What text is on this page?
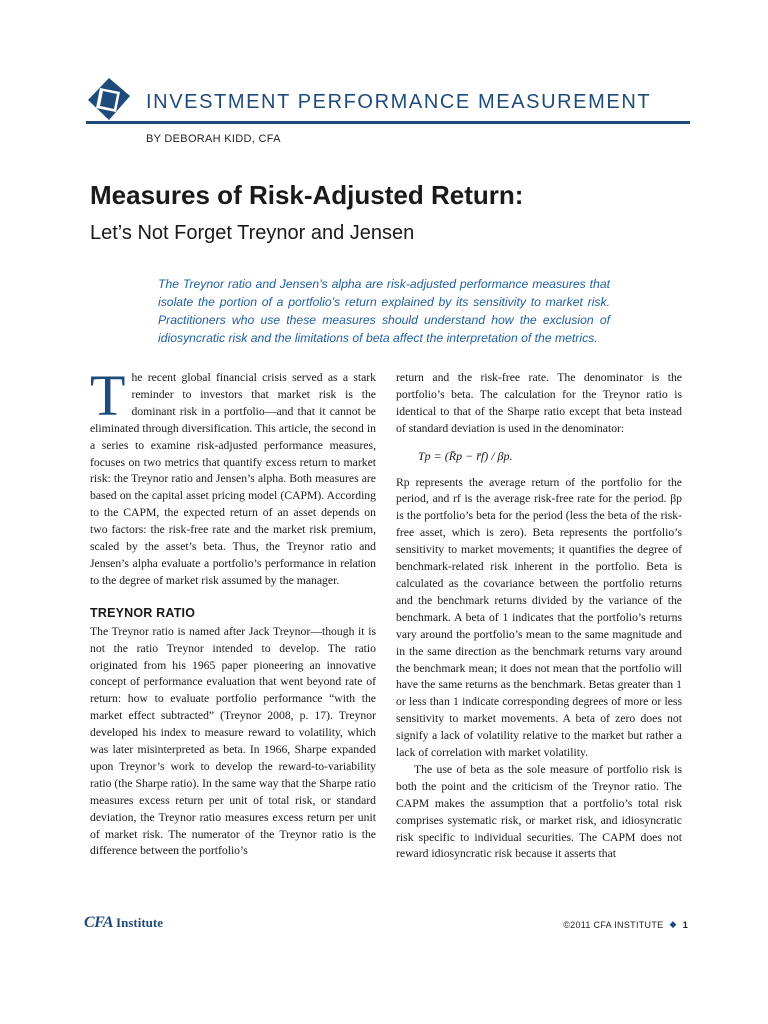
INVESTMENT PERFORMANCE MEASUREMENT
BY DEBORAH KIDD, CFA
Measures of Risk-Adjusted Return:
Let’s Not Forget Treynor and Jensen

The Treynor ratio and Jensen’s alpha are risk-adjusted performance measures that isolate the portion of a portfolio’s return explained by its sensitivity to market risk. Practitioners who use these measures should understand how the exclusion of idiosyncratic risk and the limitations of beta affect the interpretation of the metrics.

The recent global financial crisis served as a stark reminder to investors that market risk is the dominant risk in a portfolio—and that it cannot be eliminated through diversification. This article, the second in a series to examine risk-adjusted performance measures, focuses on two metrics that quantify excess return to market risk: the Treynor ratio and Jensen’s alpha. Both measures are based on the capital asset pricing model (CAPM). According to the CAPM, the expected return of an asset depends on two factors: the risk-free rate and the market risk premium, scaled by the asset’s beta. Thus, the Treynor ratio and Jensen’s alpha evaluate a portfolio’s performance in relation to the degree of market risk assumed by the manager.

TREYNOR RATIO

The Treynor ratio is named after Jack Treynor—though it is not the ratio Treynor intended to develop. The ratio originated from his 1965 paper pioneering an innovative concept of performance evaluation that went beyond rate of return: how to evaluate portfolio performance “with the market effect subtracted” (Treynor 2008, p. 17). Treynor developed his index to measure reward to volatility, which was later misinterpreted as beta. In 1966, Sharpe expanded upon Treynor’s work to develop the reward-to-variability ratio (the Sharpe ratio). In the same way that the Sharpe ratio measures excess return per unit of total risk, or standard deviation, the Treynor ratio measures excess return per unit of market risk. The numerator of the Treynor ratio is the difference between the portfolio’s

return and the risk-free rate. The denominator is the portfolio’s beta. The calculation for the Treynor ratio is identical to that of the Sharpe ratio except that beta instead of standard deviation is used in the denominator:

Tp = (R̄p − r̄f) / βp.

Rp represents the average return of the portfolio for the period, and rf is the average risk-free rate for the period. βp is the portfolio’s beta for the period (less the beta of the risk-free asset, which is zero). Beta represents the portfolio’s sensitivity to market movements; it quantifies the degree of benchmark-related risk inherent in the portfolio. Beta is calculated as the covariance between the portfolio returns and the benchmark returns divided by the variance of the benchmark. A beta of 1 indicates that the portfolio’s returns vary around the portfolio’s mean to the same magnitude and in the same direction as the benchmark returns vary around the benchmark mean; it does not mean that the portfolio will have the same returns as the benchmark. Betas greater than 1 or less than 1 indicate corresponding degrees of more or less sensitivity to market movements. A beta of zero does not signify a lack of volatility relative to the market but rather a lack of correlation with market volatility.

The use of beta as the sole measure of portfolio risk is both the point and the criticism of the Treynor ratio. The CAPM makes the assumption that a portfolio’s total risk comprises systematic risk, or market risk, and idiosyncratic risk specific to individual securities. The CAPM does not reward idiosyncratic risk because it asserts that

CFA Institute	©2011 CFA INSTITUTE ◆ 1
